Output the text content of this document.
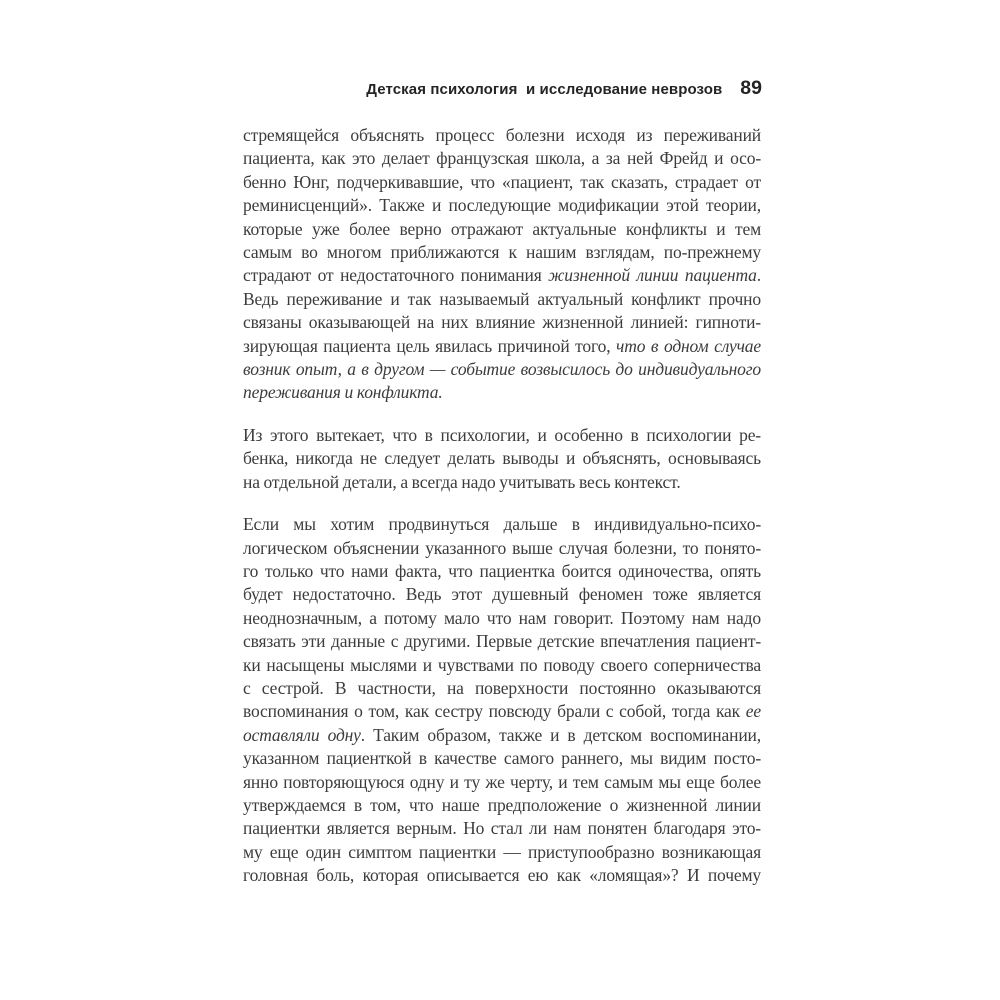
Детская психология  и исследование неврозов 89
стремящейся объяснять процесс болезни исходя из переживаний
пациента, как это делает французская школа, а за ней Фрейд и осо-
бенно Юнг, подчеркивавшие, что «пациент, так сказать, страдает от
реминисценций». Также и последующие модификации этой теории,
которые уже более верно отражают актуальные конфликты и тем
самым во многом приближаются к нашим взглядам, по-прежнему
страдают от недостаточного понимания жизненной линии пациента.
Ведь переживание и так называемый актуальный конфликт прочно
связаны оказывающей на них влияние жизненной линией: гипноти-
зирующая пациента цель явилась причиной того, что в одном случае
возник опыт, а в другом — событие возвысилось до индивидуального
переживания и конфликта.
Из этого вытекает, что в психологии, и особенно в психологии ре-
бенка, никогда не следует делать выводы и объяснять, основываясь
на отдельной детали, а всегда надо учитывать весь контекст.
Если мы хотим продвинуться дальше в индивидуально-психо-
логическом объяснении указанного выше случая болезни, то понято-
го только что нами факта, что пациентка боится одиночества, опять
будет недостаточно. Ведь этот душевный феномен тоже является
неоднозначным, а потому мало что нам говорит. Поэтому нам надо
связать эти данные с другими. Первые детские впечатления пациент-
ки насыщены мыслями и чувствами по поводу своего соперничества
с сестрой. В частности, на поверхности постоянно оказываются
воспоминания о том, как сестру повсюду брали с собой, тогда как ее
оставляли одну. Таким образом, также и в детском воспоминании,
указанном пациенткой в качестве самого раннего, мы видим посто-
янно повторяющуюся одну и ту же черту, и тем самым мы еще более
утверждаемся в том, что наше предположение о жизненной линии
пациентки является верным. Но стал ли нам понятен благодаря это-
му еще один симптом пациентки — приступообразно возникающая
головная боль, которая описывается ею как «ломящая»? И почему
